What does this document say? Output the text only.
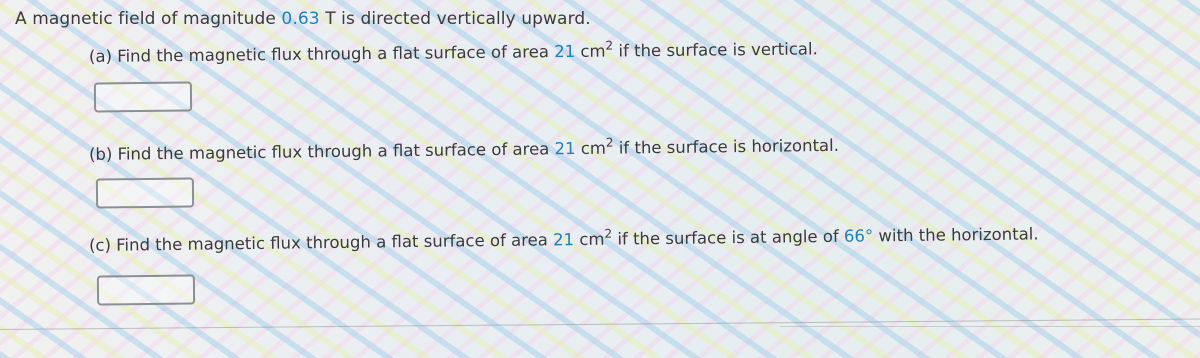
A magnetic field of magnitude 0.63 T is directed vertically upward.
(a) Find the magnetic flux through a flat surface of area 21 $cm^2$ if the surface is vertical.
(b) Find the magnetic flux through a flat surface of area 21 $cm^2$ if the surface is horizontal.
(c) Find the magnetic flux through a flat surface of area 21 $cm^2$ if the surface is at angle of 66° with the horizontal.
